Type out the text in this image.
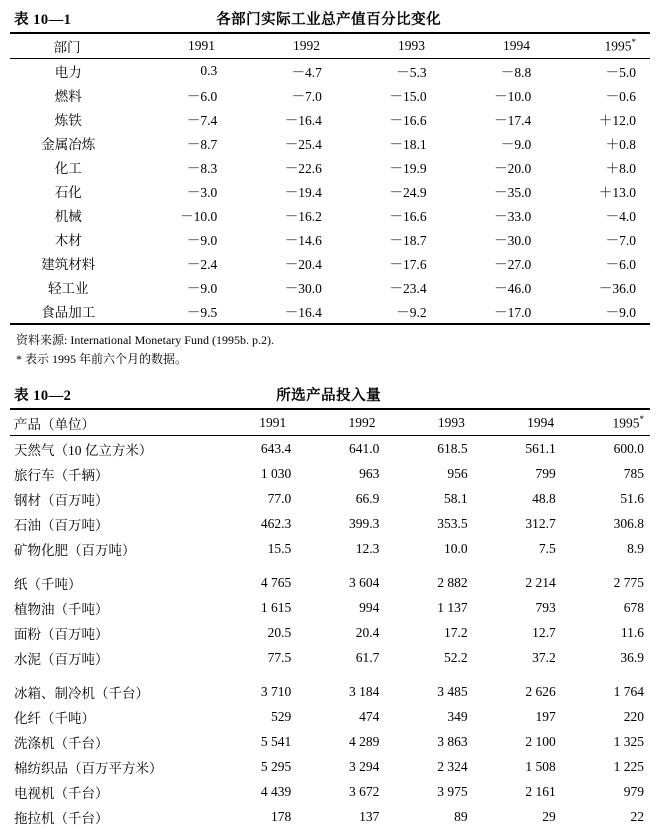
表 10—1	各部门实际工业总产值百分比变化
部门	1991	1992	1993	1994	1995*
电力	0.3	－4.7	－5.3	－8.8	－5.0
燃料	－6.0	－7.0	－15.0	－10.0	－0.6
炼铁	－7.4	－16.4	－16.6	－17.4	＋12.0
金属冶炼	－8.7	－25.4	－18.1	－9.0	＋0.8
化工	－8.3	－22.6	－19.9	－20.0	＋8.0
石化	－3.0	－19.4	－24.9	－35.0	＋13.0
机械	－10.0	－16.2	－16.6	－33.0	－4.0
木材	－9.0	－14.6	－18.7	－30.0	－7.0
建筑材料	－2.4	－20.4	－17.6	－27.0	－6.0
轻工业	－9.0	－30.0	－23.4	－46.0	－36.0
食品加工	－9.5	－16.4	－9.2	－17.0	－9.0
资料来源: International Monetary Fund (1995b. p.2).
* 表示 1995 年前六个月的数据。
表 10—2	所选产品投入量
产品（单位）	1991	1992	1993	1994	1995*
天然气（10 亿立方米）	643.4	641.0	618.5	561.1	600.0
旅行车（千辆）	1 030	963	956	799	785
钢材（百万吨）	77.0	66.9	58.1	48.8	51.6
石油（百万吨）	462.3	399.3	353.5	312.7	306.8
矿物化肥（百万吨）	15.5	12.3	10.0	7.5	8.9

纸（千吨）	4 765	3 604	2 882	2 214	2 775
植物油（千吨）	1 615	994	1 137	793	678
面粉（百万吨）	20.5	20.4	17.2	12.7	11.6
水泥（百万吨）	77.5	61.7	52.2	37.2	36.9

冰箱、制冷机（千台）	3 710	3 184	3 485	2 626	1 764
化纤（千吨）	529	474	349	197	220
洗涤机（千台）	5 541	4 289	3 863	2 100	1 325
棉纺织品（百万平方米）	5 295	3 294	2 324	1 508	1 225
电视机（千台）	4 439	3 672	3 975	2 161	979
拖拉机（千台）	178	137	89	29	22
